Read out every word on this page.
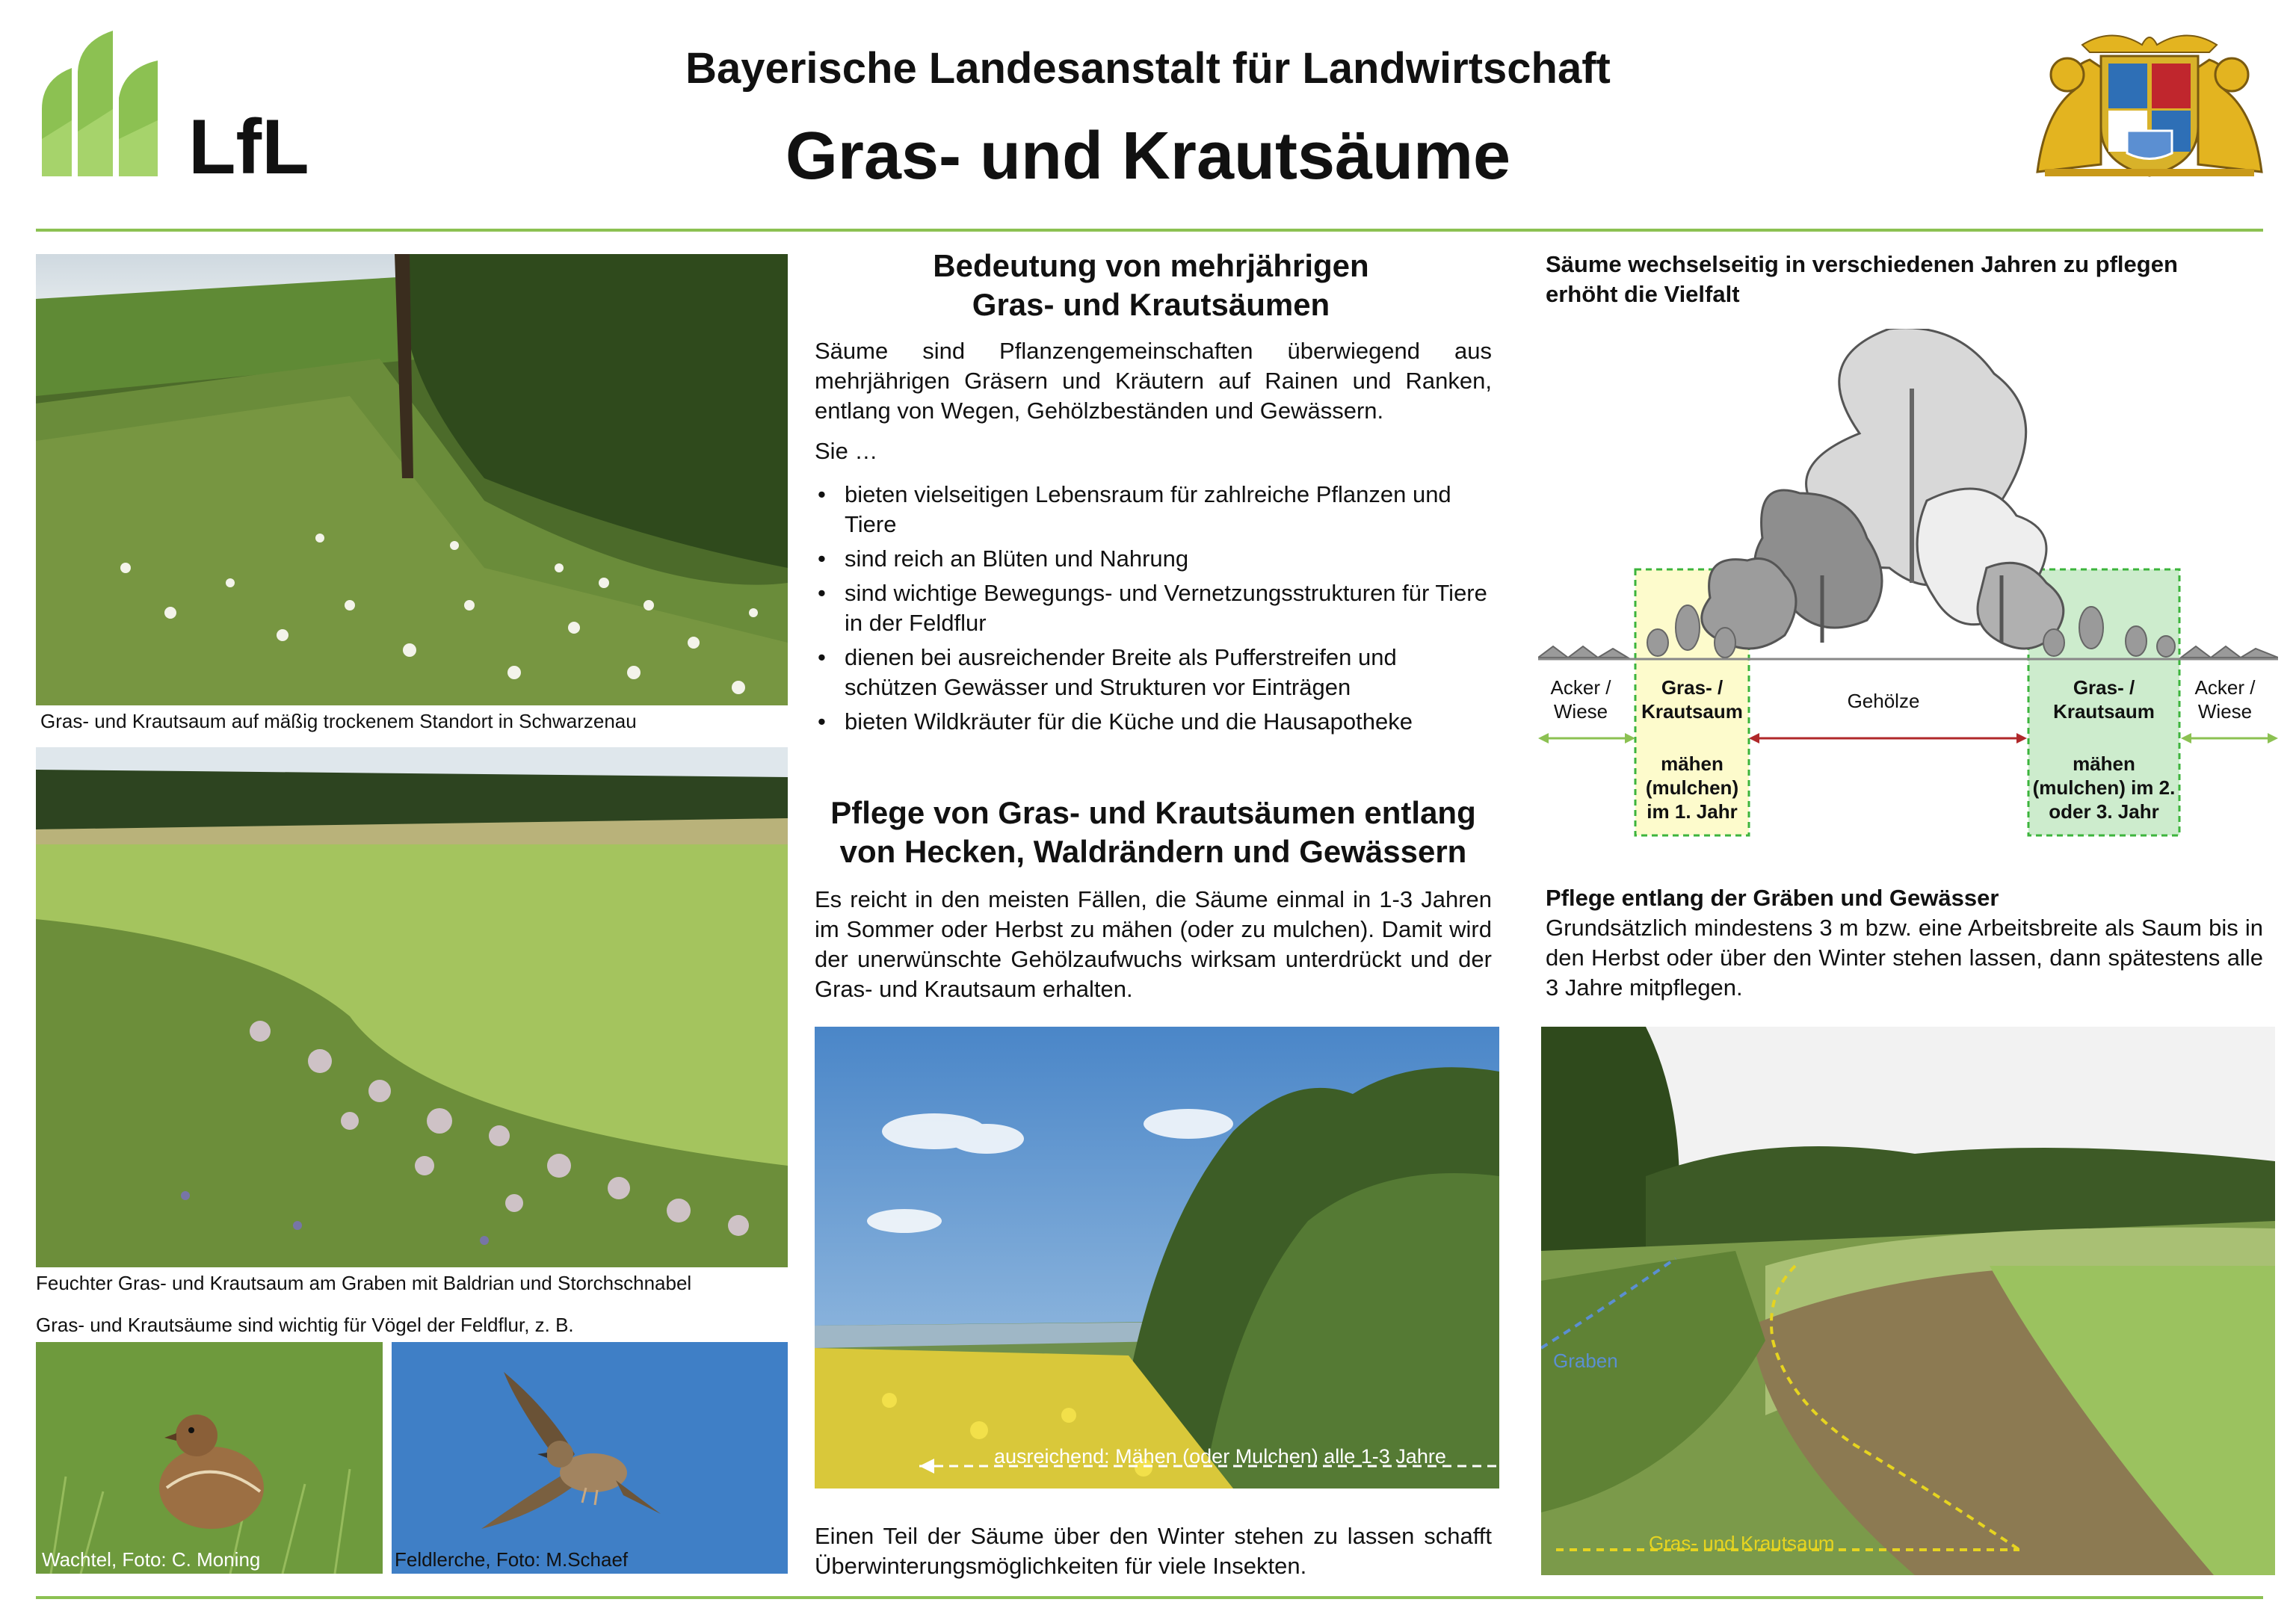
LfL
Bayerische Landesanstalt für Landwirtschaft
Gras- und Krautsäume
Gras- und Krautsaum auf mäßig trockenem Standort in Schwarzenau
Feuchter Gras- und Krautsaum am Graben mit Baldrian und Storchschnabel
Gras- und Krautsäume sind wichtig für Vögel der Feldflur, z. B.
Wachtel, Foto: C. Moning	Feldlerche, Foto: M.Schaef
Bedeutung von mehrjährigen
Gras- und Krautsäumen
Säume sind Pflanzengemeinschaften überwiegend aus mehrjährigen Gräsern und Kräutern auf Rainen und Ranken, entlang von Wegen, Gehölzbeständen und Gewässern.
Sie …
• bieten vielseitigen Lebensraum für zahlreiche Pflanzen und Tiere
• sind reich an Blüten und Nahrung
• sind wichtige Bewegungs- und Vernetzungsstrukturen für Tiere in der Feldflur
• dienen bei ausreichender Breite als Pufferstreifen und schützen Gewässer und Strukturen vor Einträgen
• bieten Wildkräuter für die Küche und die Hausapotheke
Pflege von Gras- und Krautsäumen entlang
von Hecken, Waldrändern und Gewässern
Es reicht in den meisten Fällen, die Säume einmal in 1-3 Jahren im Sommer oder Herbst zu mähen (oder zu mulchen). Damit wird der unerwünschte Gehölzaufwuchs wirksam unterdrückt und der Gras- und Krautsaum erhalten.
ausreichend: Mähen (oder Mulchen) alle 1-3 Jahre
Einen Teil der Säume über den Winter stehen zu lassen schafft Überwinterungsmöglichkeiten für viele Insekten.
Säume wechselseitig in verschiedenen Jahren zu pflegen erhöht die Vielfalt
Acker / Wiese
Gras- / Krautsaum
mähen (mulchen) im 1. Jahr
Gehölze
Gras- / Krautsaum
mähen (mulchen) im 2. oder 3. Jahr
Acker / Wiese
Pflege entlang der Gräben und Gewässer
Grundsätzlich mindestens 3 m bzw. eine Arbeitsbreite als Saum bis in den Herbst oder über den Winter stehen lassen, dann spätestens alle 3 Jahre mitpflegen.
Graben
Gras- und Krautsaum
